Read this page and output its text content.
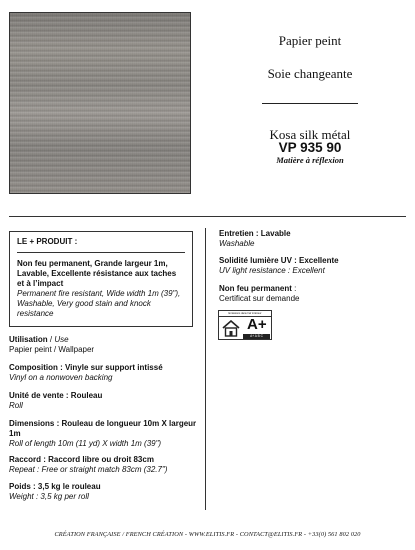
Papier peint
Soie changeante
Kosa silk métal
VP 935 90
Matière à réflexion
LE + PRODUIT :
Non feu permanent, Grande largeur 1m, Lavable, Excellente résistance aux taches et à l’impact
Permanent fire resistant, Wide width 1m (39"), Washable, Very good stain and knock resistance
Utilisation / Use
Papier peint / Wallpaper
Composition : Vinyle sur support intissé
Vinyl on a nonwoven backing
Unité de vente : Rouleau
Roll
Dimensions : Rouleau de longueur 10m X largeur 1m
Roll of length 10m (11 yd) X width 1m (39")
Raccord : Raccord libre ou droit 83cm
Repeat : Free or straight match 83cm (32.7")
Poids : 3,5 kg le rouleau
Weight : 3,5 kg per roll
Entretien : Lavable
Washable
Solidité lumière UV : Excellente
UV light resistance : Excellent
Non feu permanent :
Certificat sur demande
Emissions dans l'air intérieur
A+
A+ A B C
CRÉATION FRANÇAISE / FRENCH CRÉATION - WWW.ELITIS.FR - CONTACT@ELITIS.FR - +33(0) 561 802 020
